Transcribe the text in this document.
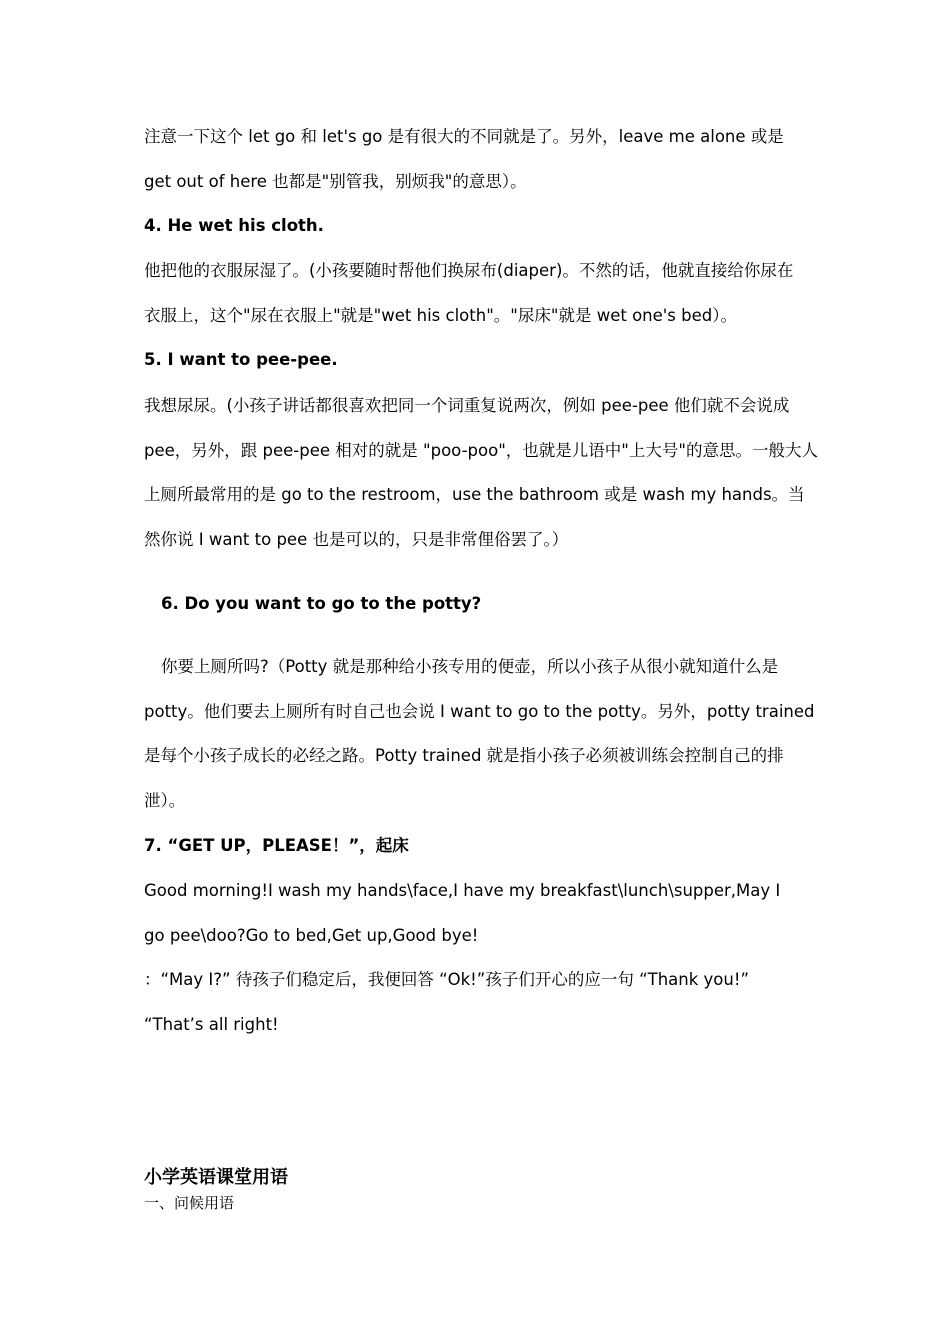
注意一下这个 let go 和 let's go 是有很大的不同就是了。另外，leave me alone 或是
get out of here 也都是"别管我，别烦我"的意思）。
4. He wet his cloth.
他把他的衣服尿湿了。(小孩要随时帮他们换尿布(diaper)。不然的话，他就直接给你尿在
衣服上，这个"尿在衣服上"就是"wet his cloth"。"尿床"就是 wet one's bed）。
5. I want to pee-pee.
我想尿尿。(小孩子讲话都很喜欢把同一个词重复说两次，例如 pee-pee 他们就不会说成
pee，另外，跟 pee-pee 相对的就是 "poo-poo"，也就是儿语中"上大号"的意思。一般大人
上厕所最常用的是 go to the restroom，use the bathroom 或是 wash my hands。当
然你说 I want to pee 也是可以的，只是非常俚俗罢了。）
6. Do you want to go to the potty?
你要上厕所吗?（Potty 就是那种给小孩专用的便壶，所以小孩子从很小就知道什么是
potty。他们要去上厕所有时自己也会说 I want to go to the potty。另外，potty trained
是每个小孩子成长的必经之路。Potty trained 就是指小孩子必须被训练会控制自己的排
泄）。
7. “GET UP，PLEASE！”，起床
Good morning!I wash my hands\face,I have my breakfast\lunch\supper,May I
go pee\doo?Go to bed,Get up,Good bye!
：“May I?” 待孩子们稳定后，我便回答 “Ok!”孩子们开心的应一句 “Thank you!”
“That’s all right!
小学英语课堂用语
一、问候用语
